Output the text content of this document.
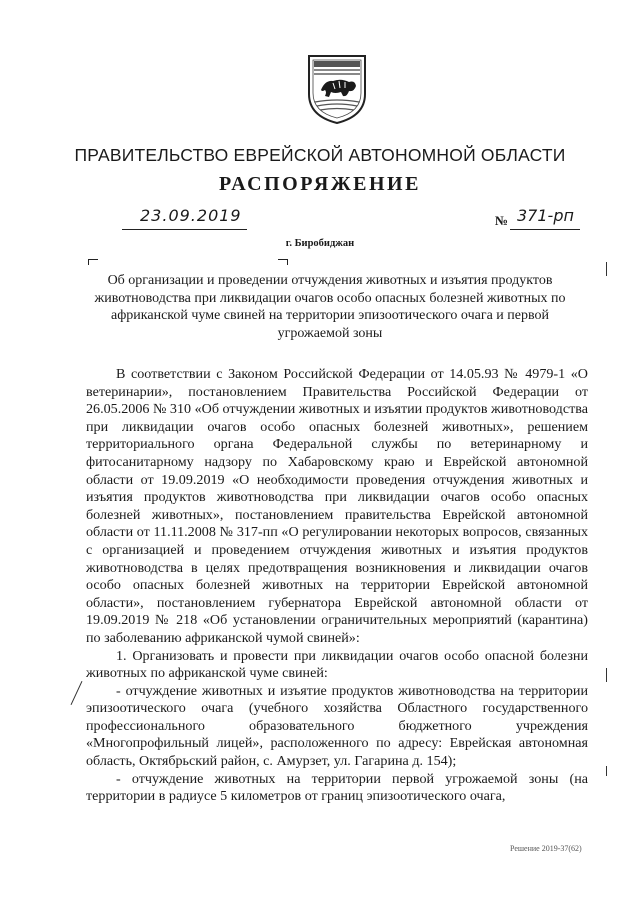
ПРАВИТЕЛЬСТВО ЕВРЕЙСКОЙ АВТОНОМНОЙ ОБЛАСТИ
РАСПОРЯЖЕНИЕ
23.09.2019	№ 371-рп
г. Биробиджан
Об организации и проведении отчуждения животных и изъятия продуктов животноводства при ликвидации очагов особо опасных болезней животных по африканской чуме свиней на территории эпизоотического очага и первой угрожаемой зоны

В соответствии с Законом Российской Федерации от 14.05.93 № 4979-1 «О ветеринарии», постановлением Правительства Российской Федерации от 26.05.2006 № 310 «Об отчуждении животных и изъятии продуктов животноводства при ликвидации очагов особо опасных болезней животных», решением территориального органа Федеральной службы по ветеринарному и фитосанитарному надзору по Хабаровскому краю и Еврейской автономной области от 19.09.2019 «О необходимости проведения отчуждения животных и изъятия продуктов животноводства при ликвидации очагов особо опасных болезней животных», постановлением правительства Еврейской автономной области от 11.11.2008 № 317-пп «О регулировании некоторых вопросов, связанных с организацией и проведением отчуждения животных и изъятия продуктов животноводства в целях предотвращения возникновения и ликвидации очагов особо опасных болезней животных на территории Еврейской автономной области», постановлением губернатора Еврейской автономной области от 19.09.2019 № 218 «Об установлении ограничительных мероприятий (карантина) по заболеванию африканской чумой свиней»:

1. Организовать и провести при ликвидации очагов особо опасной болезни животных по африканской чуме свиней:

- отчуждение животных и изъятие продуктов животноводства на территории эпизоотического очага (учебного хозяйства Областного государственного профессионального образовательного бюджетного учреждения «Многопрофильный лицей», расположенного по адресу: Еврейская автономная область, Октябрьский район, с. Амурзет, ул. Гагарина д. 154);

- отчуждение животных на территории первой угрожаемой зоны (на территории в радиусе 5 километров от границ эпизоотического очага,

Решение 2019-37(62)
